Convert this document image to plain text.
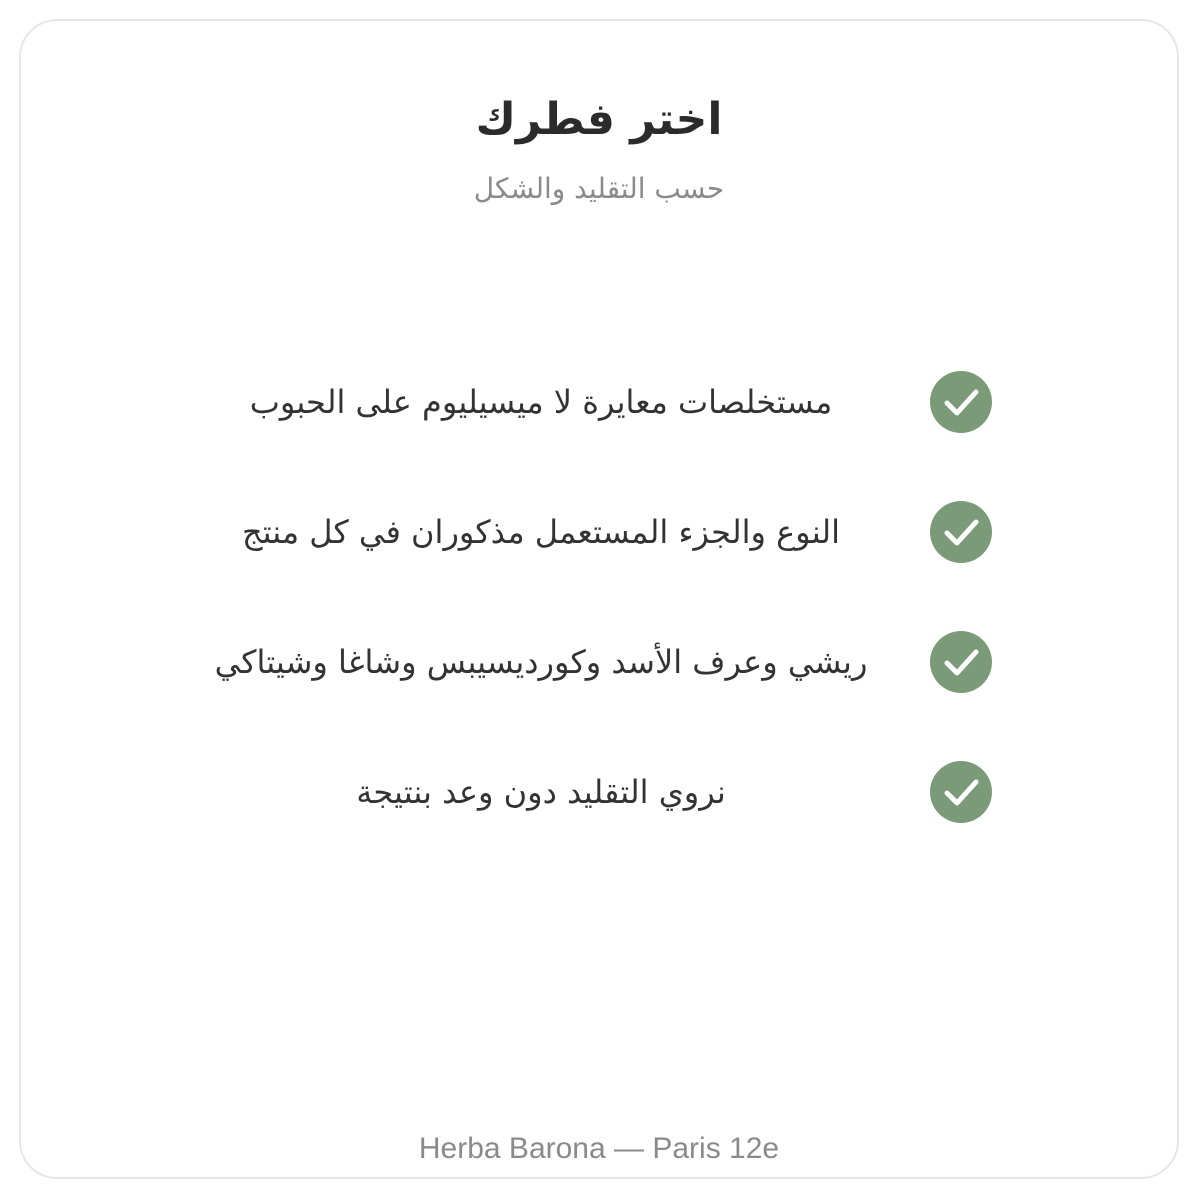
اختر فطرك
حسب التقليد والشكل
مستخلصات معايرة لا ميسيليوم على الحبوب
النوع والجزء المستعمل مذكوران في كل منتج
ريشي وعرف الأسد وكورديسيبس وشاغا وشيتاكي
نروي التقليد دون وعد بنتيجة
Herba Barona — Paris 12e
